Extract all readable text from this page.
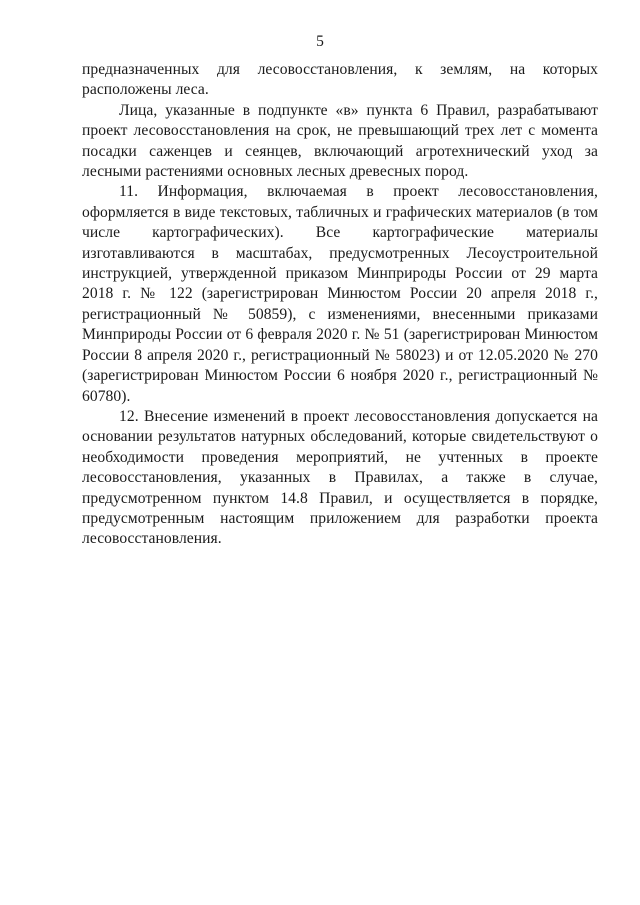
5

предназначенных для лесовосстановления, к землям, на которых расположены леса.

Лица, указанные в подпункте «в» пункта 6 Правил, разрабатывают проект лесовосстановления на срок, не превышающий трех лет с момента посадки саженцев и сеянцев, включающий агротехнический уход за лесными растениями основных лесных древесных пород.

11. Информация, включаемая в проект лесовосстановления, оформляется в виде текстовых, табличных и графических материалов (в том числе картографических). Все картографические материалы изготавливаются в масштабах, предусмотренных Лесоустроительной инструкцией, утвержденной приказом Минприроды России от 29 марта 2018 г. № 122 (зарегистрирован Минюстом России 20 апреля 2018 г., регистрационный № 50859), с изменениями, внесенными приказами Минприроды России от 6 февраля 2020 г. № 51 (зарегистрирован Минюстом России 8 апреля 2020 г., регистрационный № 58023) и от 12.05.2020 № 270 (зарегистрирован Минюстом России 6 ноября 2020 г., регистрационный № 60780).

12. Внесение изменений в проект лесовосстановления допускается на основании результатов натурных обследований, которые свидетельствуют о необходимости проведения мероприятий, не учтенных в проекте лесовосстановления, указанных в Правилах, а также в случае, предусмотренном пунктом 14.8 Правил, и осуществляется в порядке, предусмотренным настоящим приложением для разработки проекта лесовосстановления.
